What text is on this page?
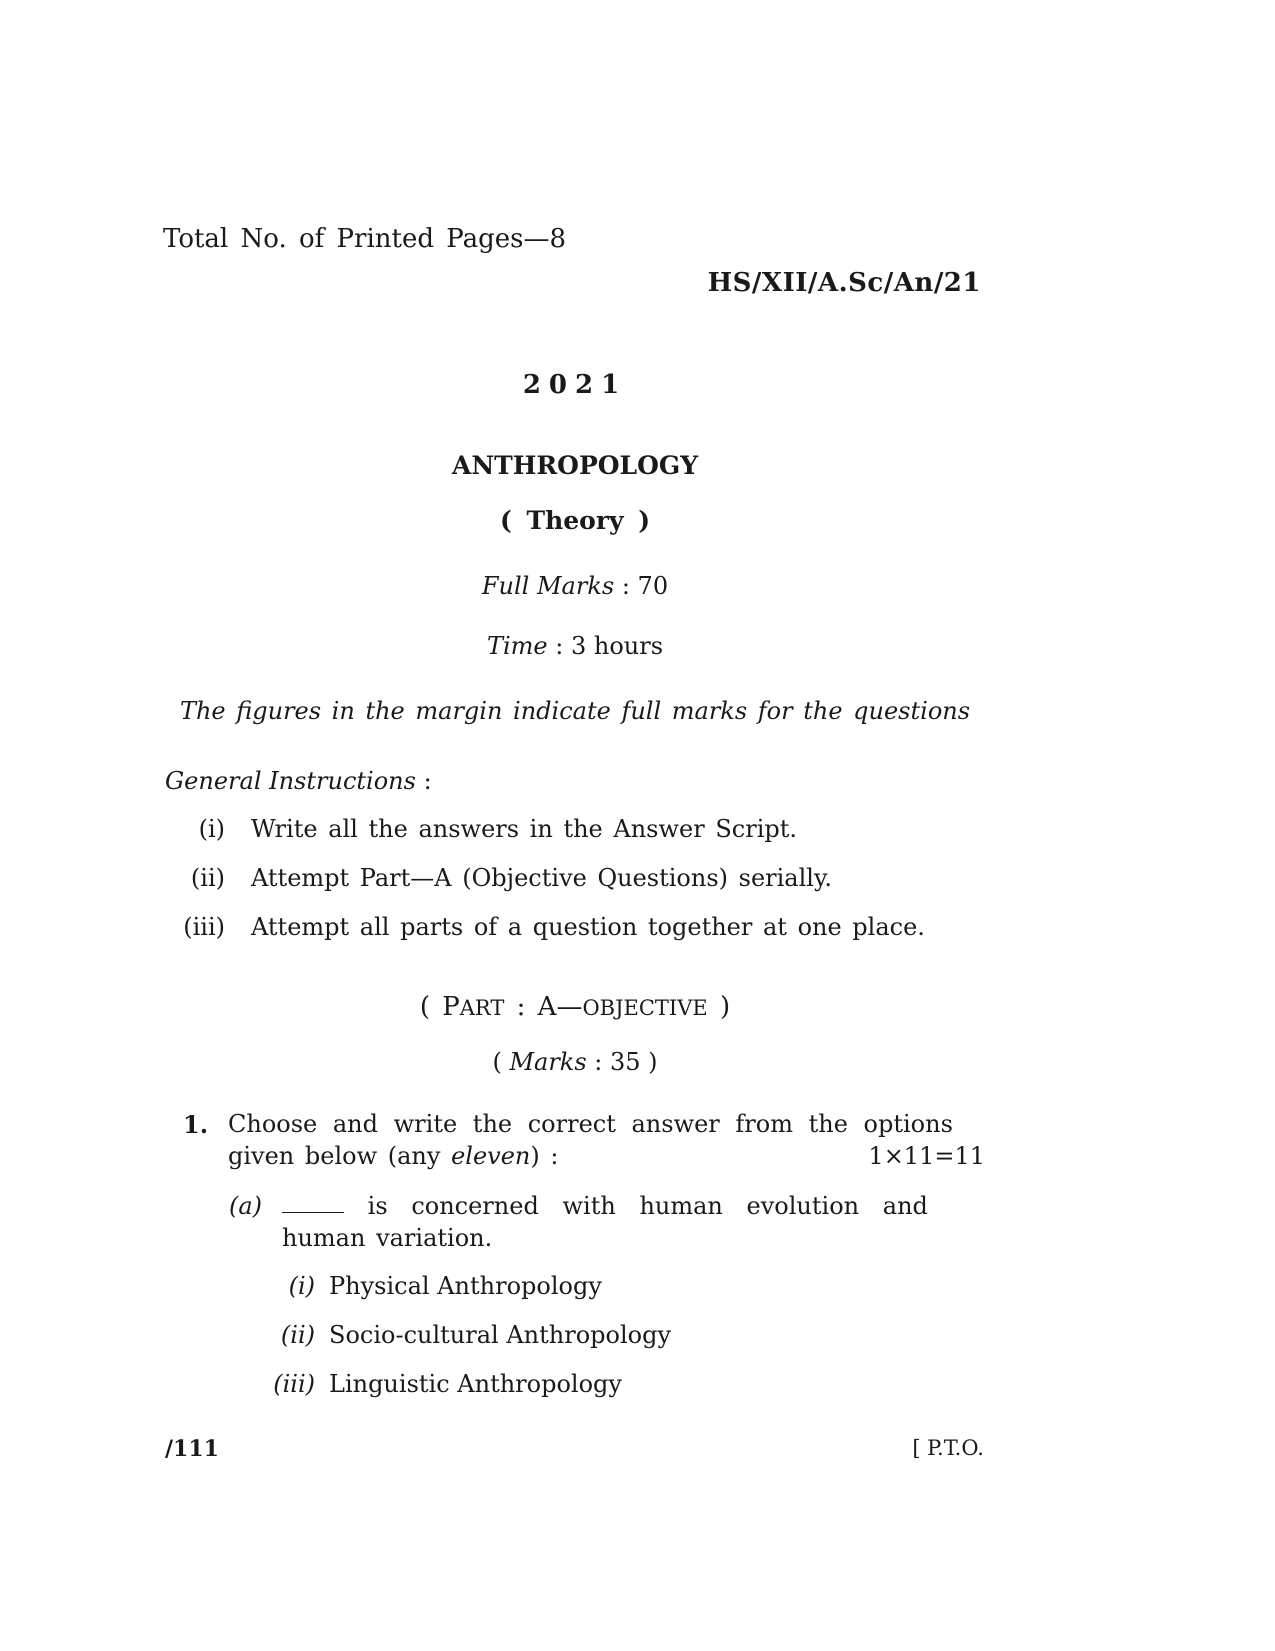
Total No. of Printed Pages—8
HS/XII/A.Sc/An/21
2021
ANTHROPOLOGY
( Theory )
Full Marks : 70
Time : 3 hours
The figures in the margin indicate full marks for the questions
General Instructions :
(i) Write all the answers in the Answer Script.
(ii) Attempt Part—A (Objective Questions) serially.
(iii) Attempt all parts of a question together at one place.
( PART : A—OBJECTIVE )
( Marks : 35 )
1. Choose and write the correct answer from the options
given below (any eleven) :	1×11=11
(a)	is concerned with human evolution and
human variation.
(i) Physical Anthropology
(ii) Socio-cultural Anthropology
(iii) Linguistic Anthropology
/111	[ P.T.O.
